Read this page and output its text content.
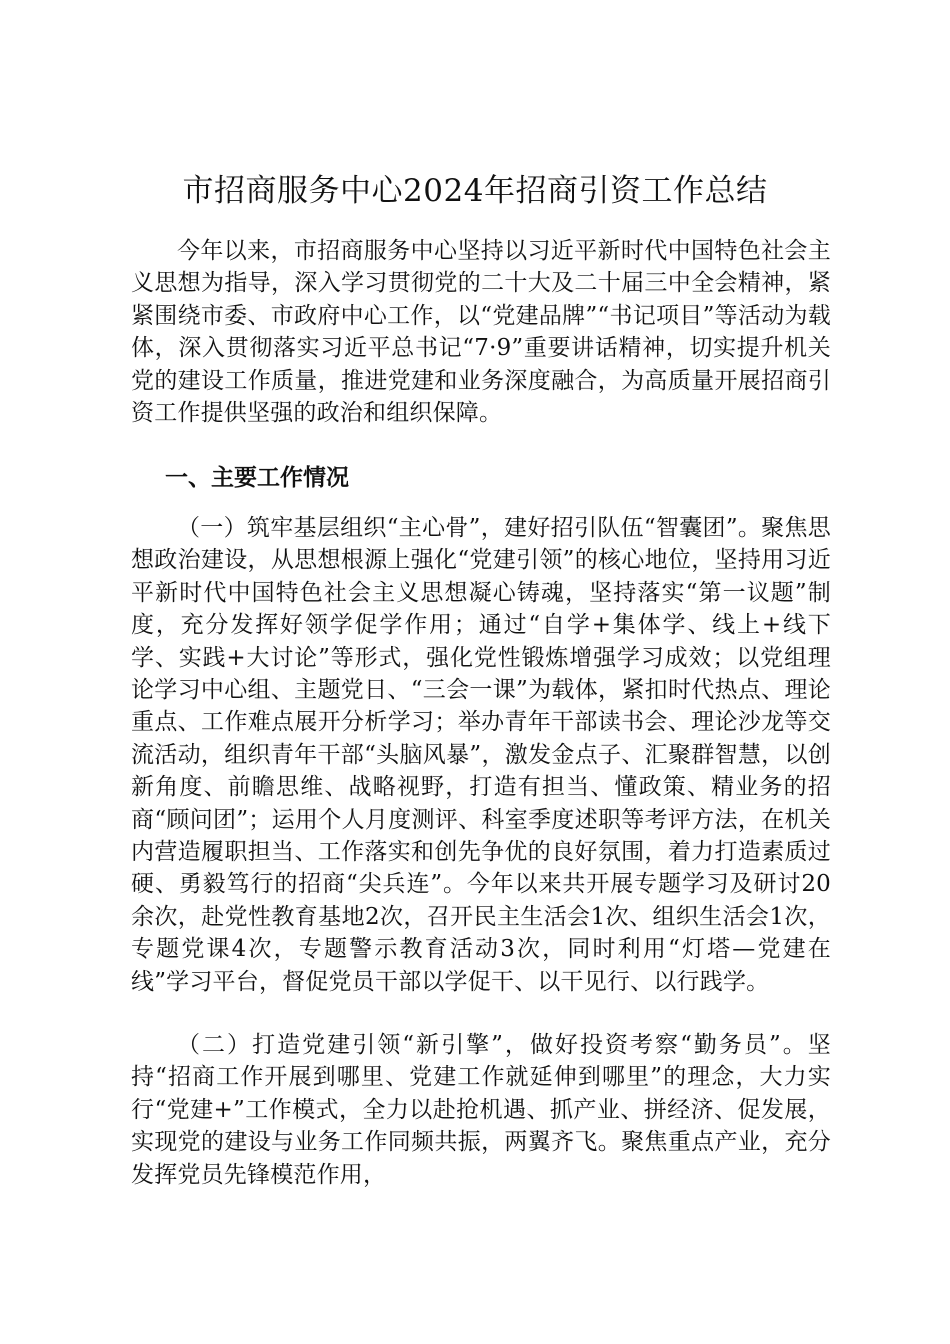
市招商服务中心2024年招商引资工作总结

今年以来，市招商服务中心坚持以习近平新时代中国特色社会主义思想为指导，深入学习贯彻党的二十大及二十届三中全会精神，紧紧围绕市委、市政府中心工作，以“党建品牌”“书记项目”等活动为载体，深入贯彻落实习近平总书记“7·9”重要讲话精神，切实提升机关党的建设工作质量，推进党建和业务深度融合，为高质量开展招商引资工作提供坚强的政治和组织保障。

一、主要工作情况

（一）筑牢基层组织“主心骨”，建好招引队伍“智囊团”。聚焦思想政治建设，从思想根源上强化“党建引领”的核心地位，坚持用习近平新时代中国特色社会主义思想凝心铸魂，坚持落实“第一议题”制度，充分发挥好领学促学作用；通过“自学+集体学、线上+线下学、实践+大讨论”等形式，强化党性锻炼增强学习成效；以党组理论学习中心组、主题党日、“三会一课”为载体，紧扣时代热点、理论重点、工作难点展开分析学习；举办青年干部读书会、理论沙龙等交流活动，组织青年干部“头脑风暴”，激发金点子、汇聚群智慧，以创新角度、前瞻思维、战略视野，打造有担当、懂政策、精业务的招商“顾问团”；运用个人月度测评、科室季度述职等考评方法，在机关内营造履职担当、工作落实和创先争优的良好氛围，着力打造素质过硬、勇毅笃行的招商“尖兵连”。今年以来共开展专题学习及研讨20余次，赴党性教育基地2次，召开民主生活会1次、组织生活会1次，专题党课4次，专题警示教育活动3次，同时利用“灯塔—党建在线”学习平台，督促党员干部以学促干、以干见行、以行践学。

（二）打造党建引领“新引擎”，做好投资考察“勤务员”。坚持“招商工作开展到哪里、党建工作就延伸到哪里”的理念，大力实行“党建+”工作模式，全力以赴抢机遇、抓产业、拼经济、促发展，实现党的建设与业务工作同频共振，两翼齐飞。聚焦重点产业，充分发挥党员先锋模范作用，
